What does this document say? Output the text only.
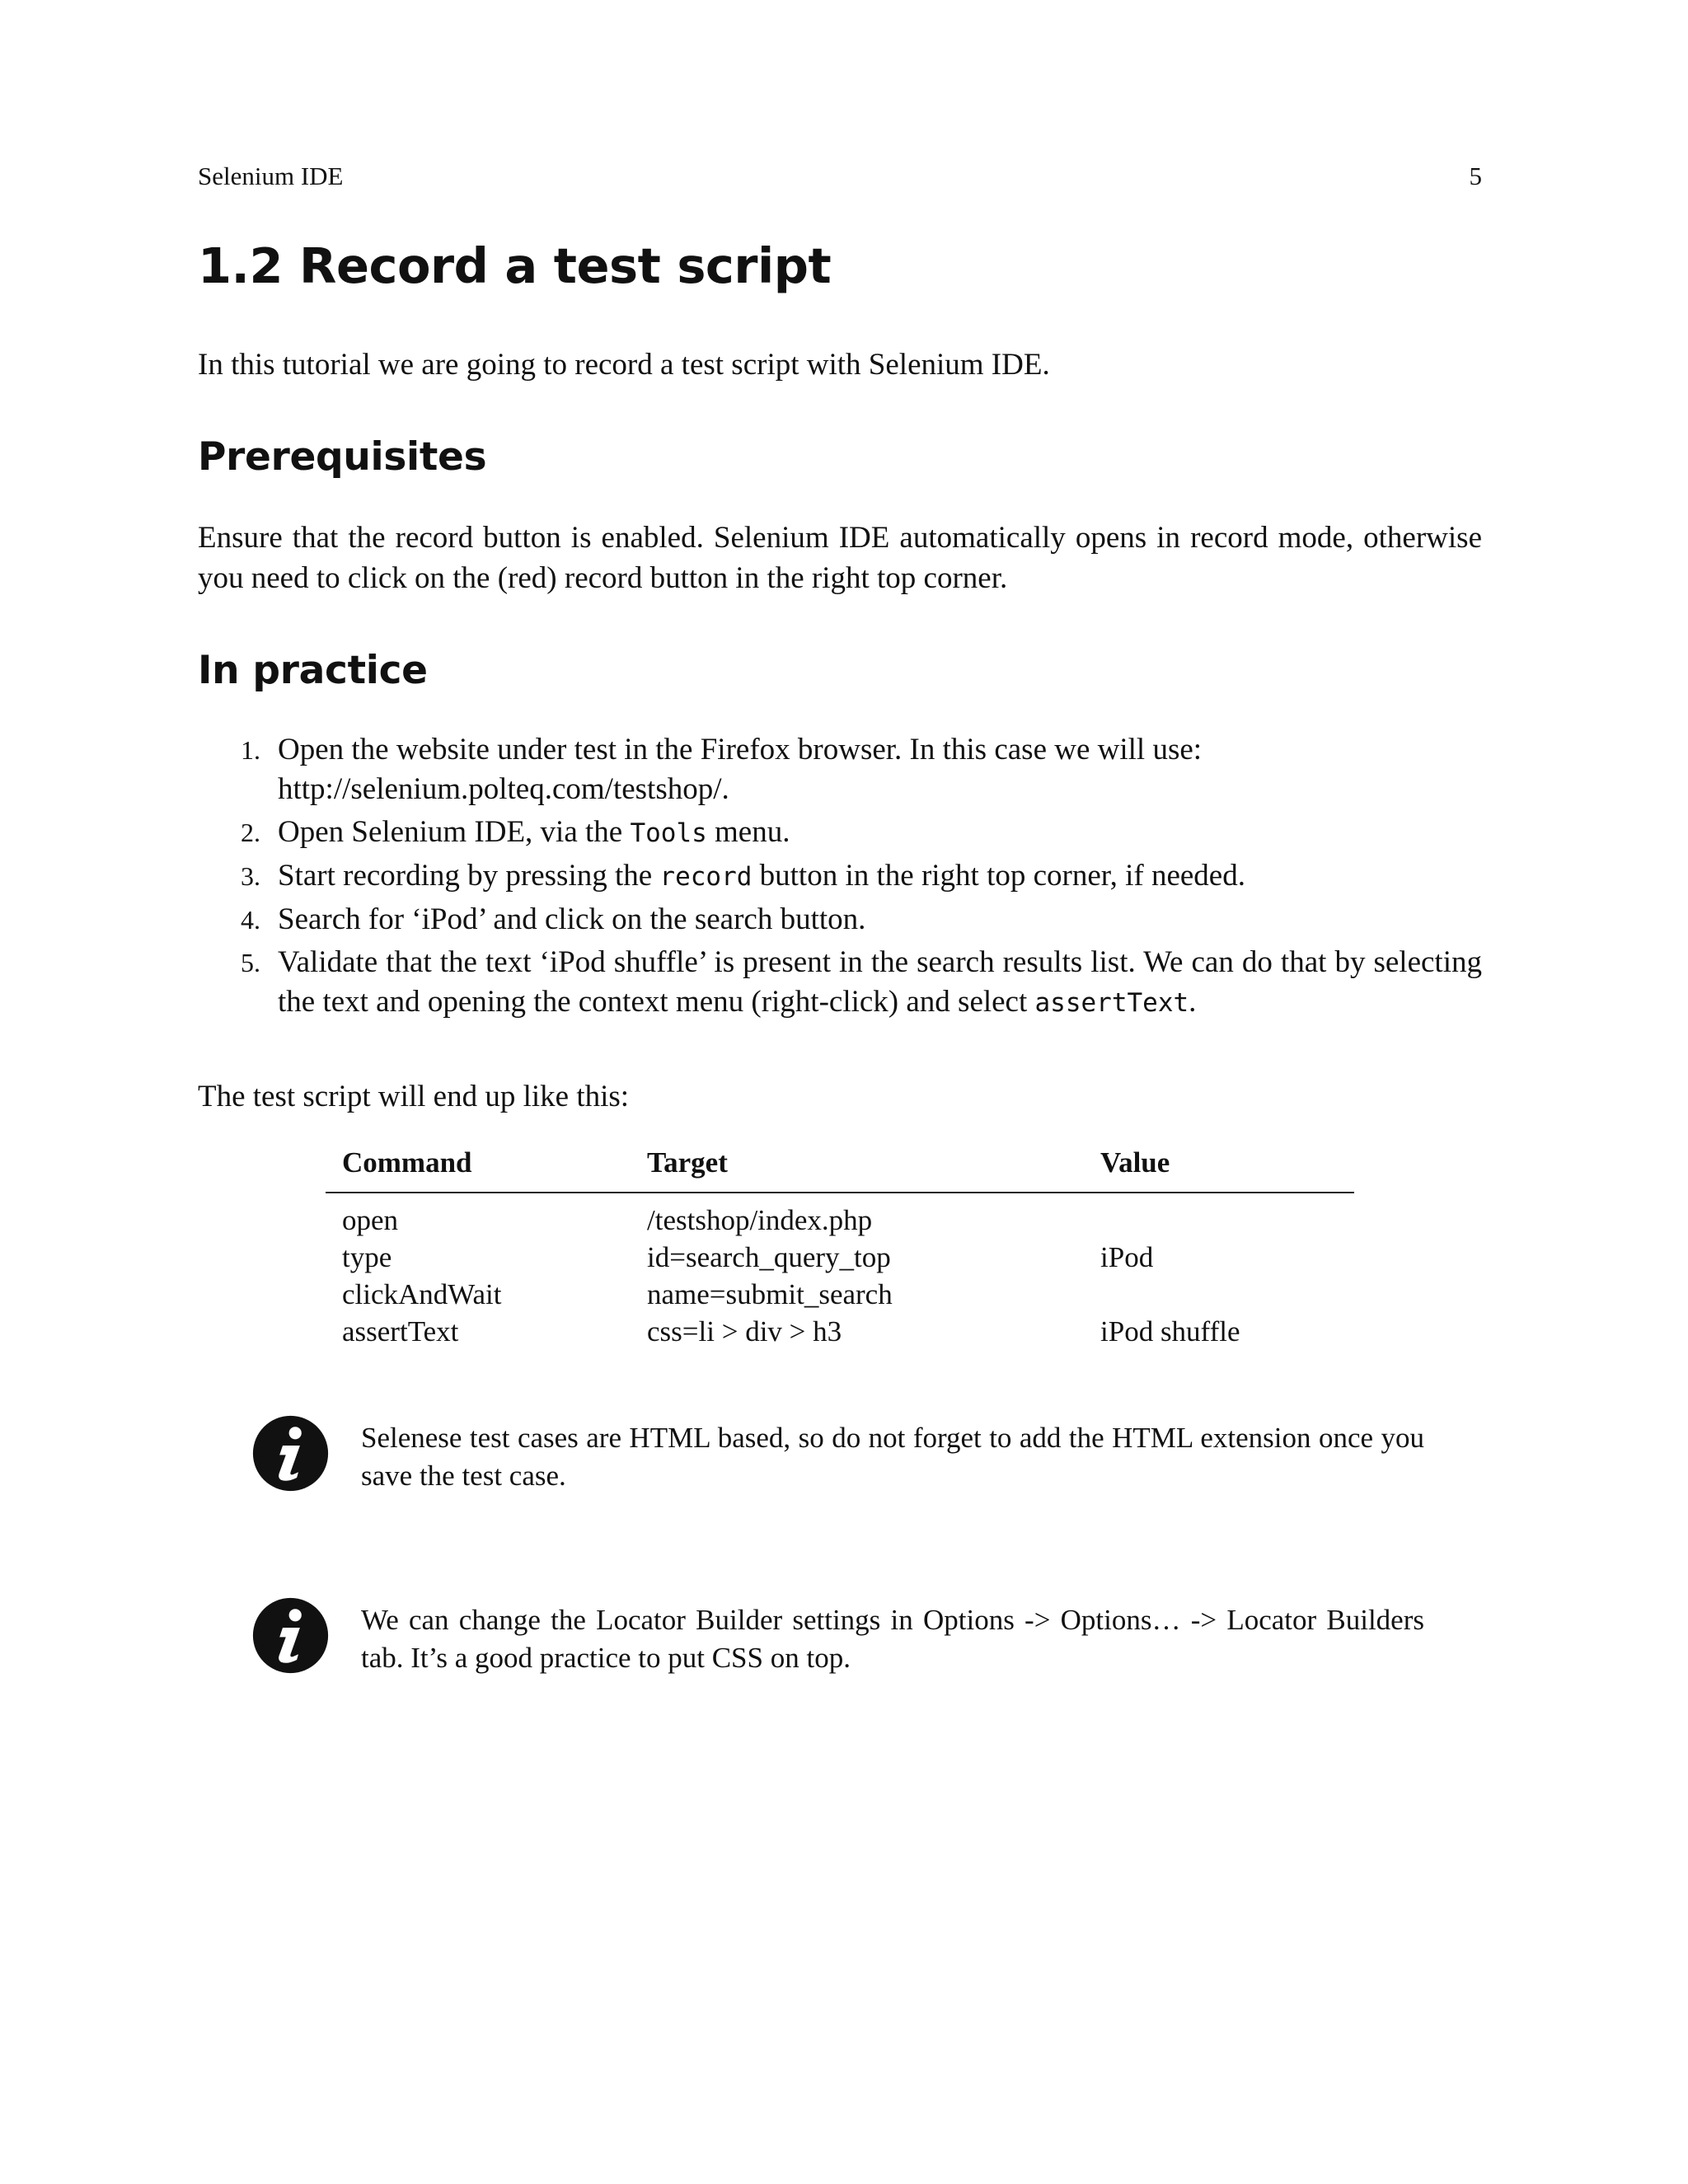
Selenium IDE	5
1.2 Record a test script

In this tutorial we are going to record a test script with Selenium IDE.

Prerequisites

Ensure that the record button is enabled. Selenium IDE automatically opens in record mode, otherwise you need to click on the (red) record button in the right top corner.

In practice
1. Open the website under test in the Firefox browser. In this case we will use:
http://selenium.polteq.com/testshop/.
2. Open Selenium IDE, via the Tools menu.
3. Start recording by pressing the record button in the right top corner, if needed.
4. Search for ‘iPod’ and click on the search button.
5. Validate that the text ‘iPod shuffle’ is present in the search results list. We can do that by selecting the text and opening the context menu (right-click) and select assertText.

The test script will end up like this:

Command	Target	Value
open	/testshop/index.php	
type	id=search_query_top	iPod
clickAndWait	name=submit_search	
assertText	css=li > div > h3	iPod shuffle

Selenese test cases are HTML based, so do not forget to add the HTML extension once you save the test case.

We can change the Locator Builder settings in Options -> Options… -> Locator Builders tab. It’s a good practice to put CSS on top.
